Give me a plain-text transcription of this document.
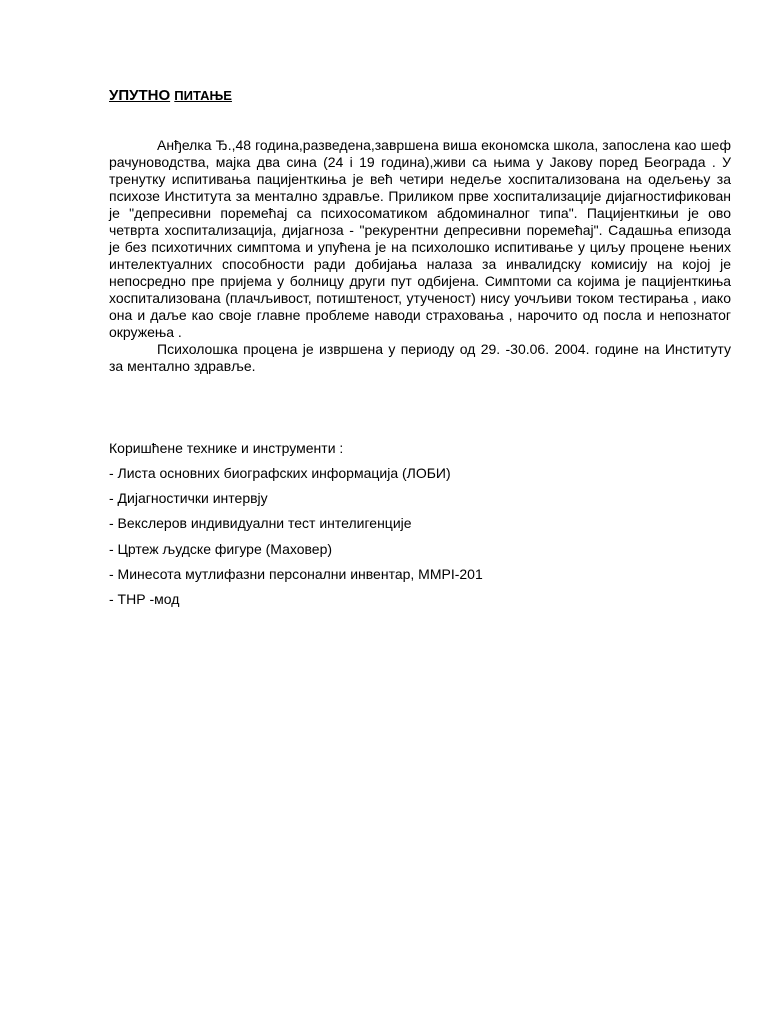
УПУТНО ПИТАЊЕ

Анђелка Ђ.,48 година,разведена,завршена виша економска школа, запослена као шеф рачуноводства, мајка два сина (24 i 19 година),живи са њима у Јакову поред Београда . У тренутку испитивања пацијенткиња је већ четири недеље хоспитализована на одељењу за психозе Института за ментално здравље. Приликом прве хоспитализације дијагностификован је "депресивни поремећај са психосоматиком абдоминалног типа". Пацијенткињи је ово четврта хоспитализација, дијагноза - "рекурентни депресивни поремећај". Садашња епизода је без психотичних симптома и упућена је на психолошко испитивање у циљу процене њених интелектуалних способности ради добијања налаза за инвалидску комисију на којој је непосредно пре пријема у болницу други пут одбијена. Симптоми са којима је пацијенткиња хоспитализована (плачљивост, потиштеност, утученост) нису уочљиви током тестирања , иако она и даље као своје главне проблеме наводи страховања , нарочито од посла и непознатог окружења .

Психолошка процена је извршена у периоду од 29. -30.06. 2004. године на Институту за ментално здравље.

Коришћене технике и инструменти :
- Листа основних биографских информација (ЛОБИ)
- Дијагностички интервју
- Векслеров индивидуални тест интелигенције
- Цртеж људске фигуре (Маховер)
- Минесота мутлифазни персонални инвентар, MMPI-201
- ТНР -мод
